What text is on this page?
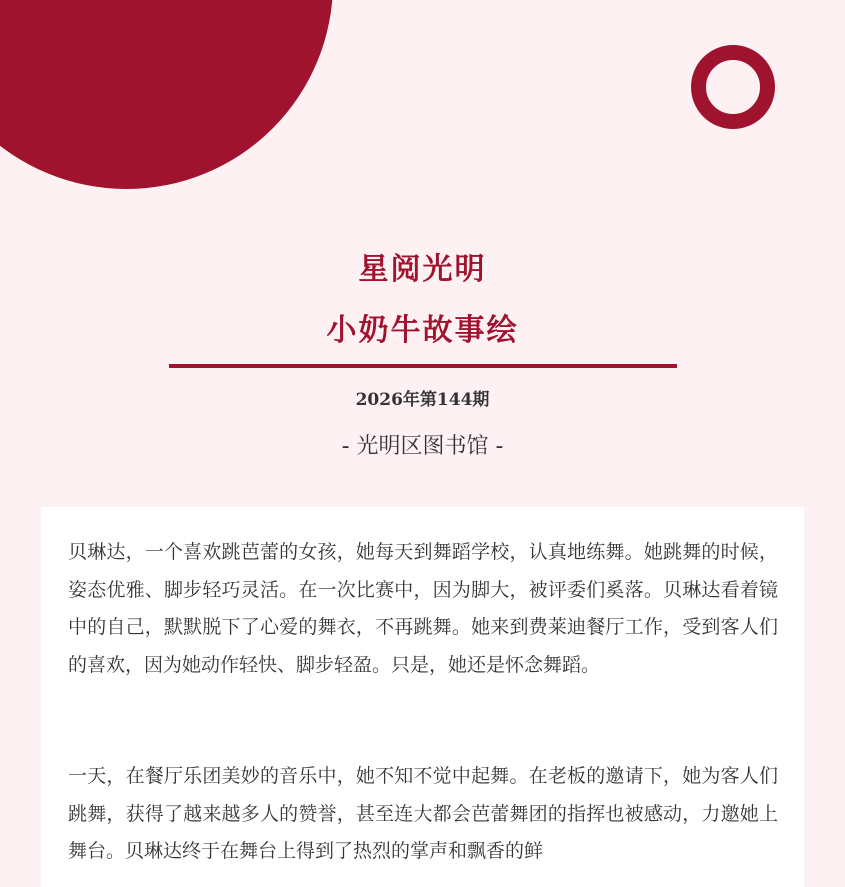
星阅光明
小奶牛故事绘
2026年第144期
- 光明区图书馆 -

贝琳达，一个喜欢跳芭蕾的女孩，她每天到舞蹈学校，认真地练舞。她跳舞的时候，姿态优雅、脚步轻巧灵活。在一次比赛中，因为脚大，被评委们奚落。贝琳达看着镜中的自己，默默脱下了心爱的舞衣，不再跳舞。她来到费莱迪餐厅工作，受到客人们的喜欢，因为她动作轻快、脚步轻盈。只是，她还是怀念舞蹈。

一天，在餐厅乐团美妙的音乐中，她不知不觉中起舞。在老板的邀请下，她为客人们跳舞，获得了越来越多人的赞誉，甚至连大都会芭蕾舞团的指挥也被感动，力邀她上舞台。贝琳达终于在舞台上得到了热烈的掌声和飘香的鲜
